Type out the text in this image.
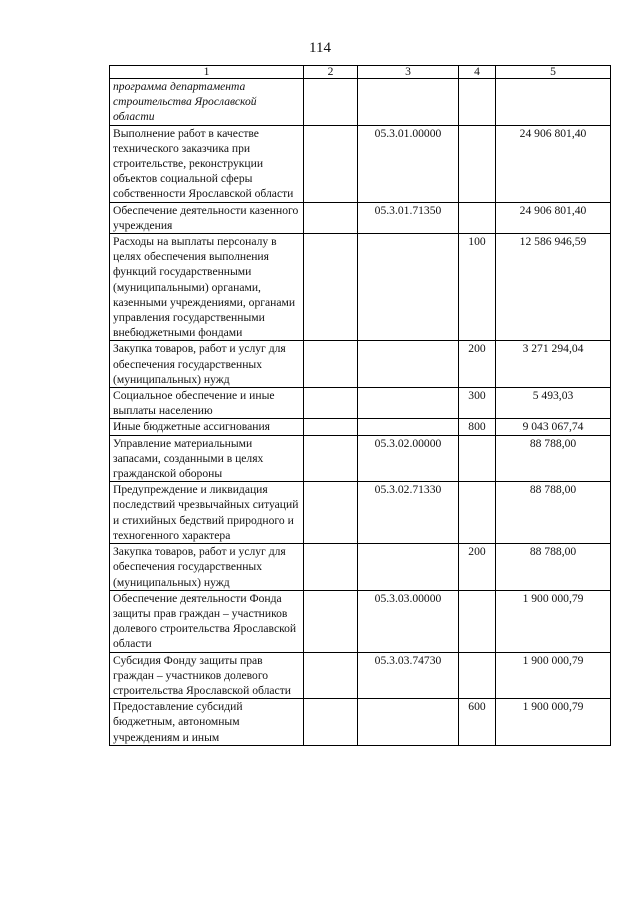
114
1	2	3	4	5
программа департамента строительства Ярославской области				
Выполнение работ в качестве технического заказчика при строительстве, реконструкции объектов социальной сферы собственности Ярославской области		05.3.01.00000		24 906 801,40
Обеспечение деятельности казенного учреждения		05.3.01.71350		24 906 801,40
Расходы на выплаты персоналу в целях обеспечения выполнения функций государственными (муниципальными) органами, казенными учреждениями, органами управления государственными внебюджетными фондами			100	12 586 946,59
Закупка товаров, работ и услуг для обеспечения государственных (муниципальных) нужд			200	3 271 294,04
Социальное обеспечение и иные выплаты населению			300	5 493,03
Иные бюджетные ассигнования			800	9 043 067,74
Управление материальными запасами, созданными в целях гражданской обороны		05.3.02.00000		88 788,00
Предупреждение и ликвидация последствий чрезвычайных ситуаций и стихийных бедствий природного и техногенного характера		05.3.02.71330		88 788,00
Закупка товаров, работ и услуг для обеспечения государственных (муниципальных) нужд			200	88 788,00
Обеспечение деятельности Фонда защиты прав граждан – участников долевого строительства Ярославской области		05.3.03.00000		1 900 000,79
Субсидия Фонду защиты прав граждан – участников долевого строительства Ярославской области		05.3.03.74730		1 900 000,79
Предоставление субсидий бюджетным, автономным учреждениям и иным			600	1 900 000,79
